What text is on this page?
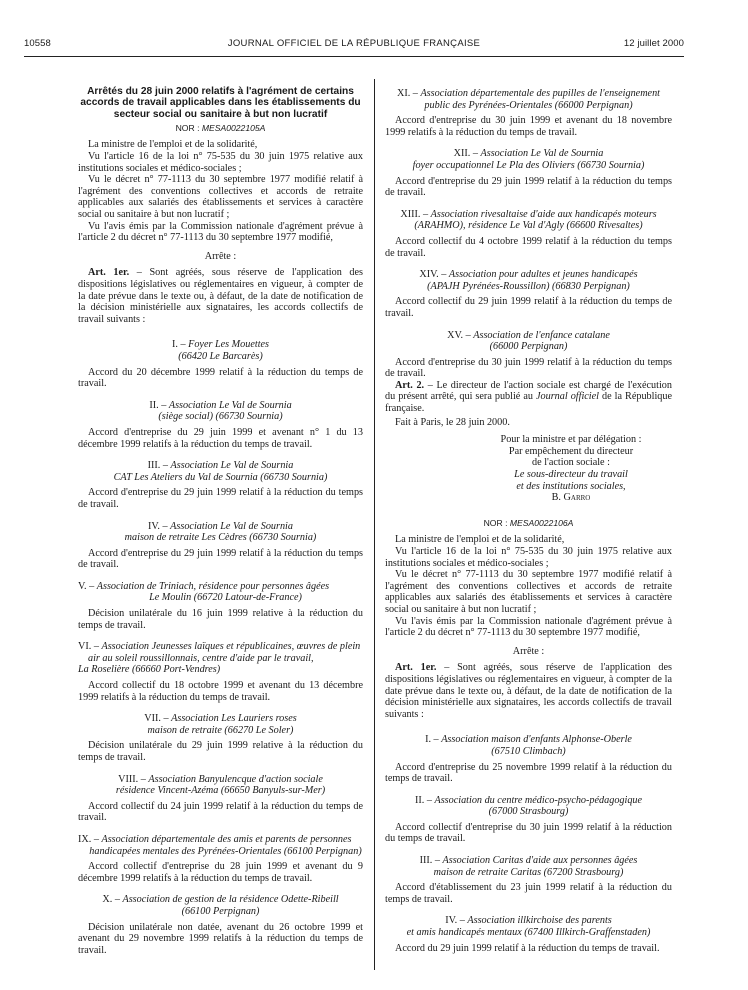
10558	JOURNAL OFFICIEL DE LA RÉPUBLIQUE FRANÇAISE	12 juillet 2000

Arrêtés du 28 juin 2000 relatifs à l'agrément de certains accords de travail applicables dans les établissements du secteur social ou sanitaire à but non lucratif

NOR : MESA0022105A

La ministre de l'emploi et de la solidarité,

Vu l'article 16 de la loi n° 75-535 du 30 juin 1975 relative aux institutions sociales et médico-sociales ;

Vu le décret n° 77-1113 du 30 septembre 1977 modifié relatif à l'agrément des conventions collectives et accords de retraite applicables aux salariés des établissements et services à caractère social ou sanitaire à but non lucratif ;

Vu l'avis émis par la Commission nationale d'agrément prévue à l'article 2 du décret n° 77-1113 du 30 septembre 1977 modifié,

Arrête :

Art. 1er. – Sont agréés, sous réserve de l'application des dispositions législatives ou réglementaires en vigueur, à compter de la date prévue dans le texte ou, à défaut, de la date de notification de la décision ministérielle aux signataires, les accords collectifs de travail suivants :

I. – Foyer Les Mouettes
(66420 Le Barcarès)

Accord du 20 décembre 1999 relatif à la réduction du temps de travail.

II. – Association Le Val de Sournia
(siège social) (66730 Sournia)

Accord d'entreprise du 29 juin 1999 et avenant n° 1 du 13 décembre 1999 relatifs à la réduction du temps de travail.

III. – Association Le Val de Sournia
CAT Les Ateliers du Val de Sournia (66730 Sournia)

Accord d'entreprise du 29 juin 1999 relatif à la réduction du temps de travail.

IV. – Association Le Val de Sournia
maison de retraite Les Cèdres (66730 Sournia)

Accord d'entreprise du 29 juin 1999 relatif à la réduction du temps de travail.

V. – Association de Triniach, résidence pour personnes âgées
Le Moulin (66720 Latour-de-France)

Décision unilatérale du 16 juin 1999 relative à la réduction du temps de travail.

VI. – Association Jeunesses laïques et républicaines, œuvres de plein air au soleil roussillonnais, centre d'aide par le travail,
La Roselière (66660 Port-Vendres)

Accord collectif du 18 octobre 1999 et avenant du 13 décembre 1999 relatifs à la réduction du temps de travail.

VII. – Association Les Lauriers roses
maison de retraite (66270 Le Soler)

Décision unilatérale du 29 juin 1999 relative à la réduction du temps de travail.

VIII. – Association Banyulencque d'action sociale
résidence Vincent-Azéma (66650 Banyuls-sur-Mer)

Accord collectif du 24 juin 1999 relatif à la réduction du temps de travail.

IX. – Association départementale des amis et parents de personnes
handicapées mentales des Pyrénées-Orientales (66100 Perpignan)

Accord collectif d'entreprise du 28 juin 1999 et avenant du 9 décembre 1999 relatifs à la réduction du temps de travail.

X. – Association de gestion de la résidence Odette-Ribeill
(66100 Perpignan)

Décision unilatérale non datée, avenant du 26 octobre 1999 et avenant du 29 novembre 1999 relatifs à la réduction du temps de travail.

XI. – Association départementale des pupilles de l'enseignement
public des Pyrénées-Orientales (66000 Perpignan)

Accord d'entreprise du 30 juin 1999 et avenant du 18 novembre 1999 relatifs à la réduction du temps de travail.

XII. – Association Le Val de Sournia
foyer occupationnel Le Pla des Oliviers (66730 Sournia)

Accord d'entreprise du 29 juin 1999 relatif à la réduction du temps de travail.

XIII. – Association rivesaltaise d'aide aux handicapés moteurs
(ARAHMO), résidence Le Val d'Agly (66600 Rivesaltes)

Accord collectif du 4 octobre 1999 relatif à la réduction du temps de travail.

XIV. – Association pour adultes et jeunes handicapés
(APAJH Pyrénées-Roussillon) (66830 Perpignan)

Accord collectif du 29 juin 1999 relatif à la réduction du temps de travail.

XV. – Association de l'enfance catalane
(66000 Perpignan)

Accord d'entreprise du 30 juin 1999 relatif à la réduction du temps de travail.

Art. 2. – Le directeur de l'action sociale est chargé de l'exécution du présent arrêté, qui sera publié au Journal officiel de la République française.

Fait à Paris, le 28 juin 2000.

Pour la ministre et par délégation :
Par empêchement du directeur
de l'action sociale :
Le sous-directeur du travail
et des institutions sociales,
B. Garro

NOR : MESA0022106A

La ministre de l'emploi et de la solidarité,

Vu l'article 16 de la loi n° 75-535 du 30 juin 1975 relative aux institutions sociales et médico-sociales ;

Vu le décret n° 77-1113 du 30 septembre 1977 modifié relatif à l'agrément des conventions collectives et accords de retraite applicables aux salariés des établissements et services à caractère social ou sanitaire à but non lucratif ;

Vu l'avis émis par la Commission nationale d'agrément prévue à l'article 2 du décret n° 77-1113 du 30 septembre 1977 modifié,

Arrête :

Art. 1er. – Sont agréés, sous réserve de l'application des dispositions législatives ou réglementaires en vigueur, à compter de la date prévue dans le texte ou, à défaut, de la date de notification de la décision ministérielle aux signataires, les accords collectifs de travail suivants :

I. – Association maison d'enfants Alphonse-Oberle
(67510 Climbach)

Accord d'entreprise du 25 novembre 1999 relatif à la réduction du temps de travail.

II. – Association du centre médico-psycho-pédagogique
(67000 Strasbourg)

Accord collectif d'entreprise du 30 juin 1999 relatif à la réduction du temps de travail.

III. – Association Caritas d'aide aux personnes âgées
maison de retraite Caritas (67200 Strasbourg)

Accord d'établissement du 23 juin 1999 relatif à la réduction du temps de travail.

IV. – Association illkirchoise des parents
et amis handicapés mentaux (67400 Illkirch-Graffenstaden)

Accord du 29 juin 1999 relatif à la réduction du temps de travail.
